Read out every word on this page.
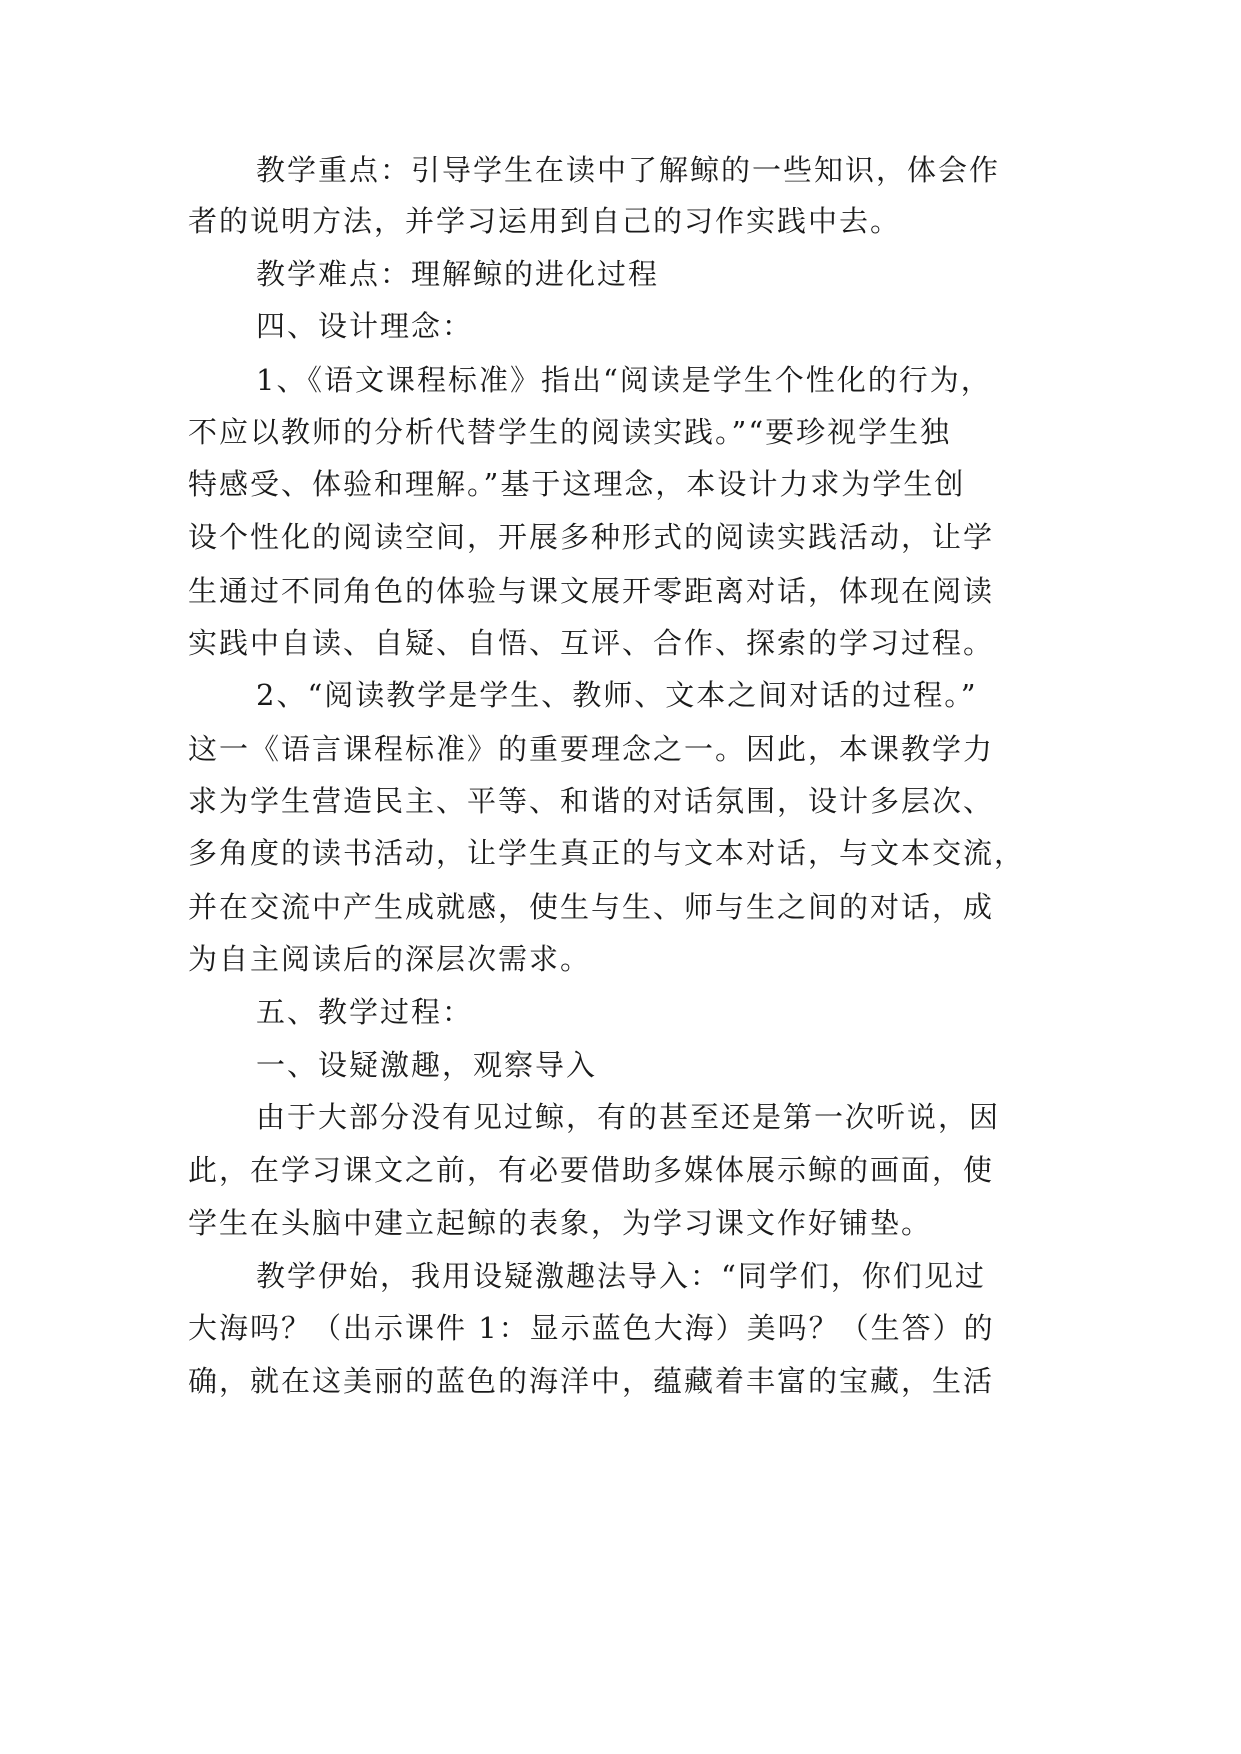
教学重点：引导学生在读中了解鲸的一些知识，体会作
者的说明方法，并学习运用到自己的习作实践中去。
教学难点：理解鲸的进化过程
四、设计理念：
1、《语文课程标准》指出“阅读是学生个性化的行为，
不应以教师的分析代替学生的阅读实践。”“要珍视学生独
特感受、体验和理解。”基于这理念，本设计力求为学生创
设个性化的阅读空间，开展多种形式的阅读实践活动，让学
生通过不同角色的体验与课文展开零距离对话，体现在阅读
实践中自读、自疑、自悟、互评、合作、探索的学习过程。
2、“阅读教学是学生、教师、文本之间对话的过程。”
这一《语言课程标准》的重要理念之一。因此，本课教学力
求为学生营造民主、平等、和谐的对话氛围，设计多层次、
多角度的读书活动，让学生真正的与文本对话，与文本交流，
并在交流中产生成就感，使生与生、师与生之间的对话，成
为自主阅读后的深层次需求。
五、教学过程：
一、设疑激趣，观察导入
由于大部分没有见过鲸，有的甚至还是第一次听说，因
此，在学习课文之前，有必要借助多媒体展示鲸的画面，使
学生在头脑中建立起鲸的表象，为学习课文作好铺垫。
教学伊始，我用设疑激趣法导入：“同学们，你们见过
大海吗？（出示课件 1：显示蓝色大海）美吗？（生答）的
确，就在这美丽的蓝色的海洋中，蕴藏着丰富的宝藏，生活
